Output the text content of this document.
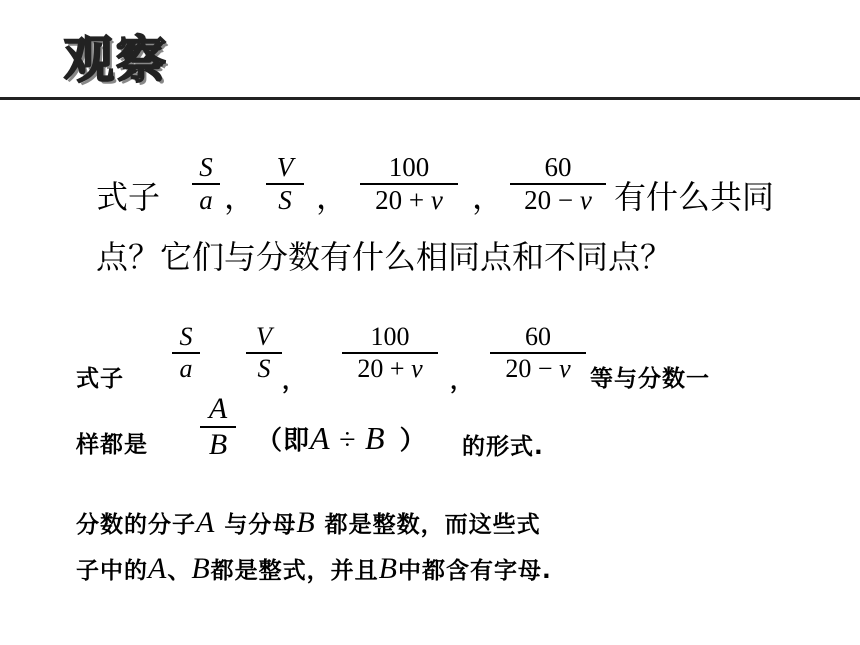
观察
式子
S
a ，
V
S ，
100
20 + v ，
60
20 − v 有什么共同
点？它们与分数有什么相同点和不同点？
式子
S
a
V
S ，
100
20 + v	，
60
20 − v 等与分数一
样都是
A
B	（即A ÷ B ） 的形式.
分数的分子A 与分母B 都是整数，而这些式
子中的A、B都是整式，并且B中都含有字母.
